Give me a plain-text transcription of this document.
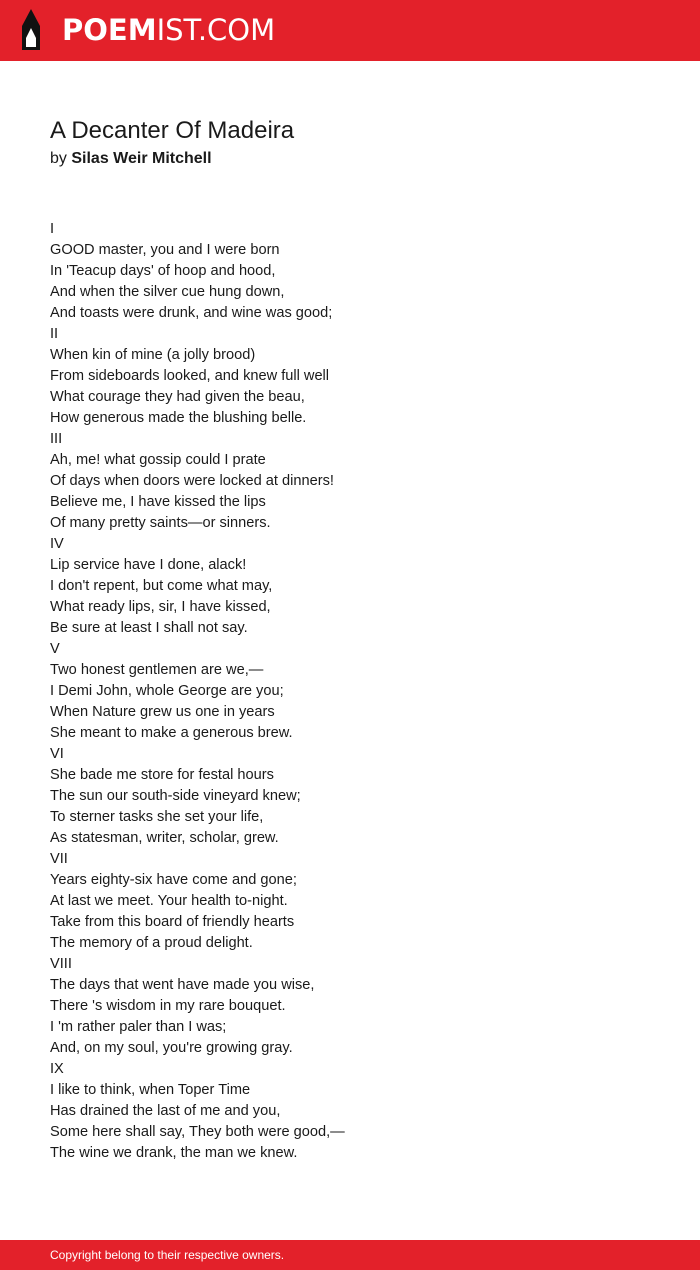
POEMIST.COM
A Decanter Of Madeira
by Silas Weir Mitchell
I
GOOD master, you and I were born
In 'Teacup days' of hoop and hood,
And when the silver cue hung down,
And toasts were drunk, and wine was good;
II
When kin of mine (a jolly brood)
From sideboards looked, and knew full well
What courage they had given the beau,
How generous made the blushing belle.
III
Ah, me! what gossip could I prate
Of days when doors were locked at dinners!
Believe me, I have kissed the lips
Of many pretty saints—or sinners.
IV
Lip service have I done, alack!
I don't repent, but come what may,
What ready lips, sir, I have kissed,
Be sure at least I shall not say.
V
Two honest gentlemen are we,—
I Demi John, whole George are you;
When Nature grew us one in years
She meant to make a generous brew.
VI
She bade me store for festal hours
The sun our south-side vineyard knew;
To sterner tasks she set your life,
As statesman, writer, scholar, grew.
VII
Years eighty-six have come and gone;
At last we meet. Your health to-night.
Take from this board of friendly hearts
The memory of a proud delight.
VIII
The days that went have made you wise,
There 's wisdom in my rare bouquet.
I 'm rather paler than I was;
And, on my soul, you're growing gray.
IX
I like to think, when Toper Time
Has drained the last of me and you,
Some here shall say, They both were good,—
The wine we drank, the man we knew.
Copyright belong to their respective owners.
